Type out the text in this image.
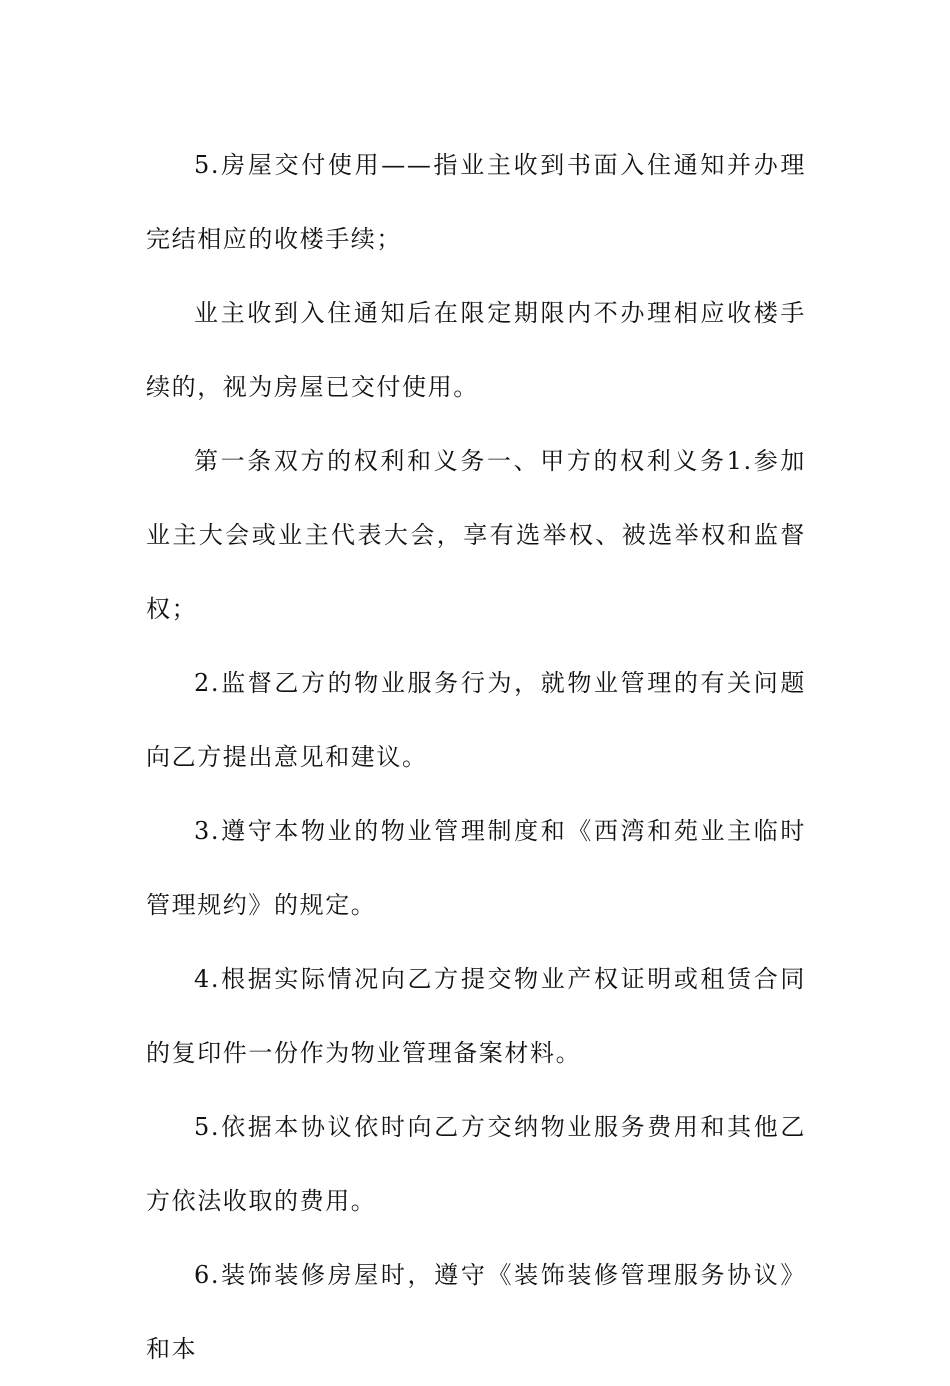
5.房屋交付使用——指业主收到书面入住通知并办理完结相应的收楼手续；

业主收到入住通知后在限定期限内不办理相应收楼手续的，视为房屋已交付使用。

第一条双方的权利和义务一、甲方的权利义务1.参加业主大会或业主代表大会，享有选举权、被选举权和监督权；

2.监督乙方的物业服务行为，就物业管理的有关问题向乙方提出意见和建议。

3.遵守本物业的物业管理制度和《西湾和苑业主临时管理规约》的规定。

4.根据实际情况向乙方提交物业产权证明或租赁合同的复印件一份作为物业管理备案材料。

5.依据本协议依时向乙方交纳物业服务费用和其他乙方依法收取的费用。

6.装饰装修房屋时，遵守《装饰装修管理服务协议》和本
